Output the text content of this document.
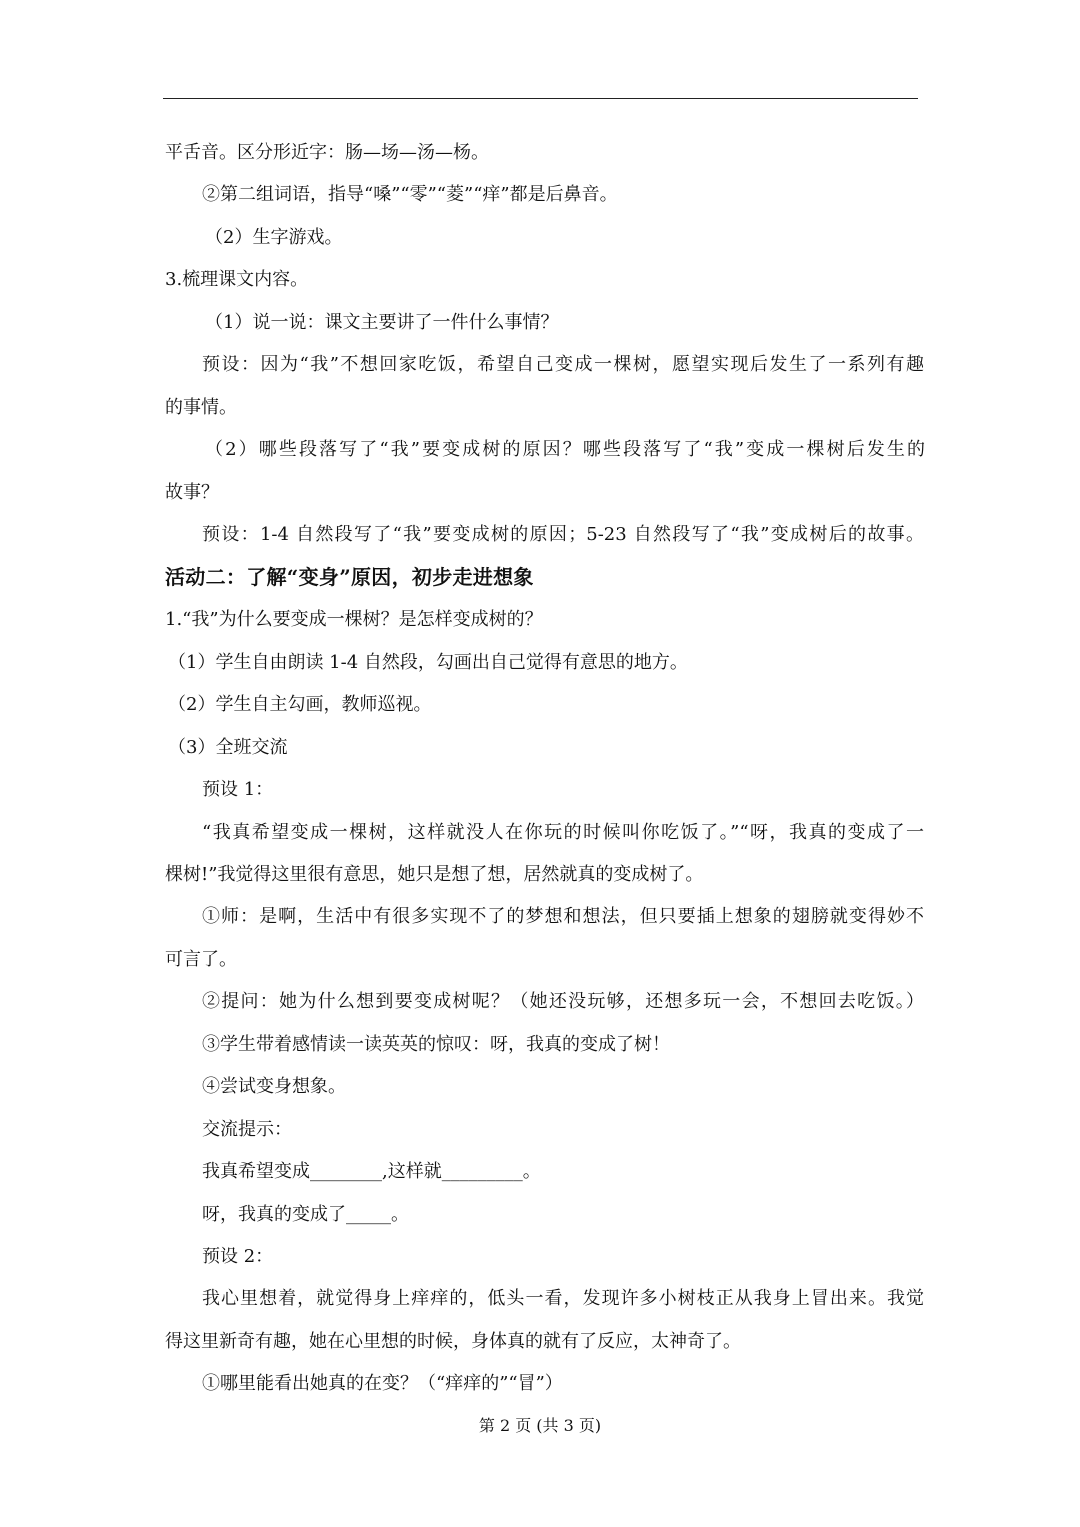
平舌音。区分形近字：肠—场—汤—杨。

②第二组词语，指导“嗓”“零”“菱”“痒”都是后鼻音。

（2）生字游戏。

3.梳理课文内容。

（1）说一说：课文主要讲了一件什么事情？

预设：因为“我”不想回家吃饭，希望自己变成一棵树，愿望实现后发生了一系列有趣

的事情。

（2）哪些段落写了“我”要变成树的原因？哪些段落写了“我”变成一棵树后发生的

故事？

预设：1-4 自然段写了“我”要变成树的原因；5-23 自然段写了“我”变成树后的故事。

活动二：了解“变身”原因，初步走进想象

1.“我”为什么要变成一棵树？是怎样变成树的？

（1）学生自由朗读 1-4 自然段，勾画出自己觉得有意思的地方。

（2）学生自主勾画，教师巡视。

（3）全班交流

预设 1：

“我真希望变成一棵树，这样就没人在你玩的时候叫你吃饭了。”“呀，我真的变成了一

棵树!”我觉得这里很有意思，她只是想了想，居然就真的变成树了。

①师：是啊，生活中有很多实现不了的梦想和想法，但只要插上想象的翅膀就变得妙不

可言了。

②提问：她为什么想到要变成树呢？（她还没玩够，还想多玩一会，不想回去吃饭。）

③学生带着感情读一读英英的惊叹：呀，我真的变成了树！

④尝试变身想象。

交流提示：

我真希望变成________,这样就_________。

呀，我真的变成了_____。

预设 2：

我心里想着，就觉得身上痒痒的，低头一看，发现许多小树枝正从我身上冒出来。我觉

得这里新奇有趣，她在心里想的时候，身体真的就有了反应，太神奇了。

①哪里能看出她真的在变？（“痒痒的”“冒”）

第 2 页 (共 3 页)
